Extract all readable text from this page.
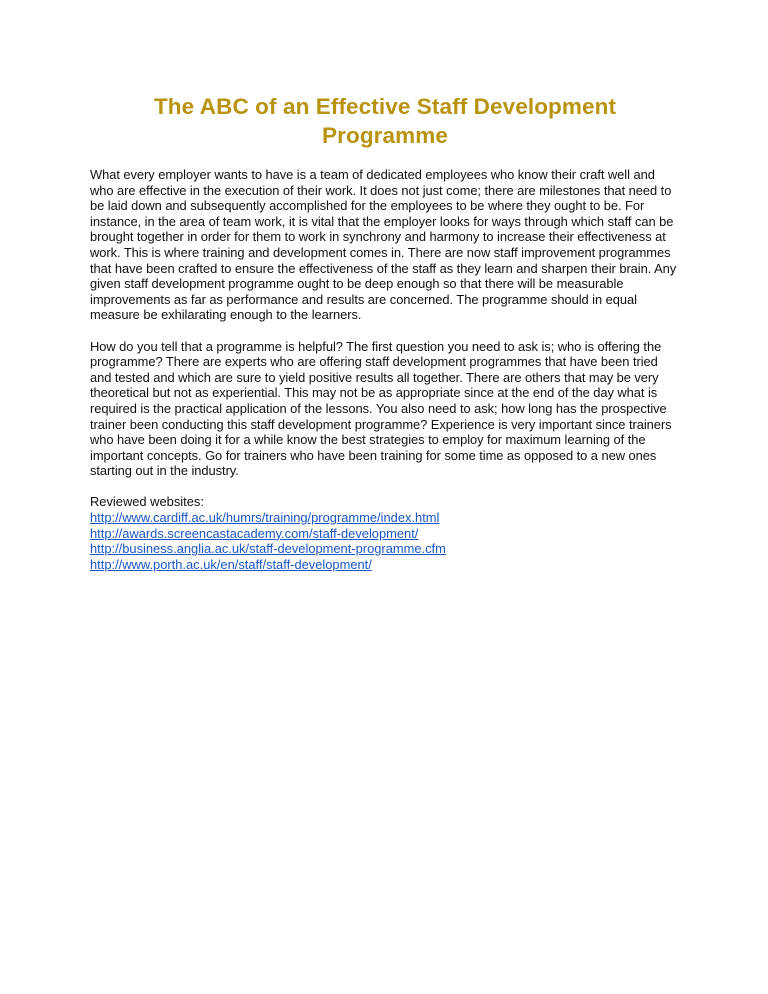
The ABC of an Effective Staff Development Programme

What every employer wants to have is a team of dedicated employees who know their craft well and who are effective in the execution of their work. It does not just come; there are milestones that need to be laid down and subsequently accomplished for the employees to be where they ought to be. For instance, in the area of team work, it is vital that the employer looks for ways through which staff can be brought together in order for them to work in synchrony and harmony to increase their effectiveness at work. This is where training and development comes in. There are now staff improvement programmes that have been crafted to ensure the effectiveness of the staff as they learn and sharpen their brain. Any given staff development programme ought to be deep enough so that there will be measurable improvements as far as performance and results are concerned. The programme should in equal measure be exhilarating enough to the learners.

How do you tell that a programme is helpful? The first question you need to ask is; who is offering the programme? There are experts who are offering staff development programmes that have been tried and tested and which are sure to yield positive results all together. There are others that may be very theoretical but not as experiential. This may not be as appropriate since at the end of the day what is required is the practical application of the lessons. You also need to ask; how long has the prospective trainer been conducting this staff development programme? Experience is very important since trainers who have been doing it for a while know the best strategies to employ for maximum learning of the important concepts. Go for trainers who have been training for some time as opposed to a new ones starting out in the industry.

Reviewed websites:
http://www.cardiff.ac.uk/humrs/training/programme/index.html
http://awards.screencastacademy.com/staff-development/
http://business.anglia.ac.uk/staff-development-programme.cfm
http://www.porth.ac.uk/en/staff/staff-development/
